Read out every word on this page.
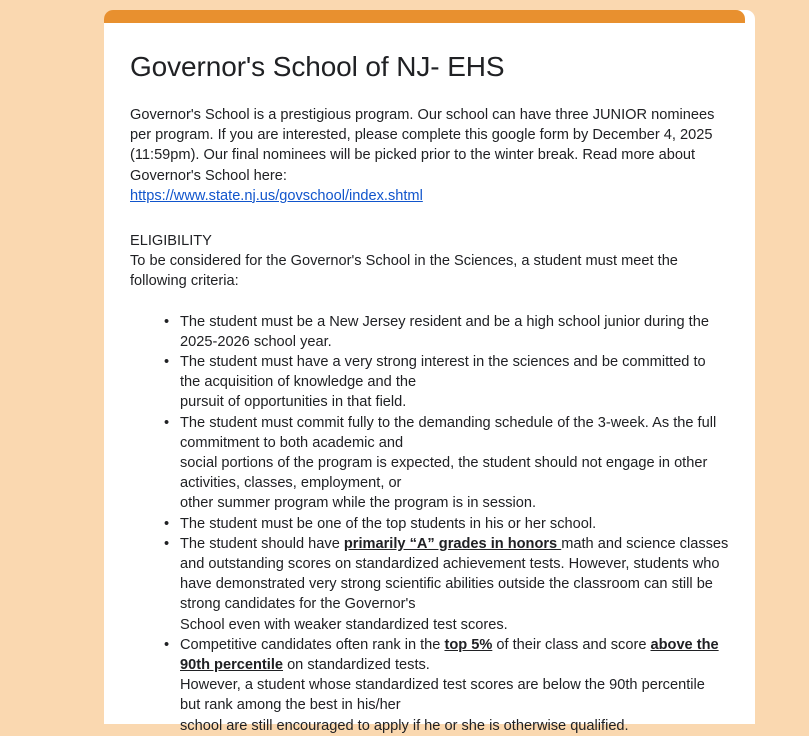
Governor's School of NJ- EHS

Governor's School is a prestigious program. Our school can have three JUNIOR nominees per program. If you are interested, please complete this google form by December 4, 2025 (11:59pm). Our final nominees will be picked prior to the winter break. Read more about Governor's School here:

https://www.state.nj.us/govschool/index.shtml

ELIGIBILITY

To be considered for the Governor's School in the Sciences, a student must meet the following criteria:

• The student must be a New Jersey resident and be a high school junior during the 2025-2026 school year.
• The student must have a very strong interest in the sciences and be committed to the acquisition of knowledge and the
pursuit of opportunities in that field.
• The student must commit fully to the demanding schedule of the 3-week. As the full commitment to both academic and
social portions of the program is expected, the student should not engage in other activities, classes, employment, or
other summer program while the program is in session.
• The student must be one of the top students in his or her school.
• The student should have primarily “A” grades in honors math and science classes and outstanding scores on standardized achievement tests. However, students who
have demonstrated very strong scientific abilities outside the classroom can still be strong candidates for the Governor's
School even with weaker standardized test scores.
• Competitive candidates often rank in the top 5% of their class and score above the 90th percentile on standardized tests.
However, a student whose standardized test scores are below the 90th percentile but rank among the best in his/her
school are still encouraged to apply if he or she is otherwise qualified.
